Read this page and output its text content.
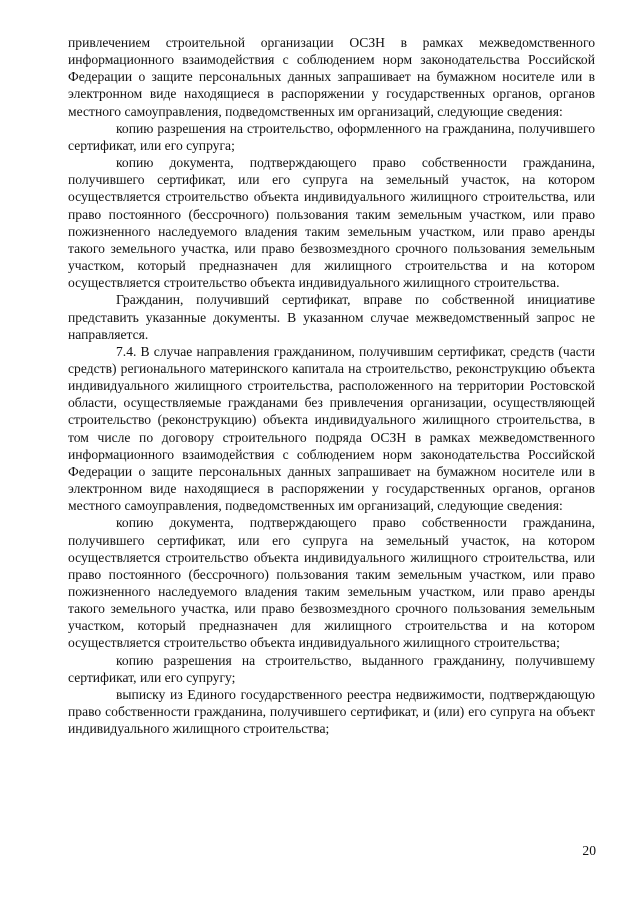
привлечением строительной организации ОСЗН в рамках межведомственного информационного взаимодействия с соблюдением норм законодательства Российской Федерации о защите персональных данных запрашивает на бумажном носителе или в электронном виде находящиеся в распоряжении у государственных органов, органов местного самоуправления, подведомственных им организаций, следующие сведения:

копию разрешения на строительство, оформленного на гражданина, получившего сертификат, или его супруга;

копию документа, подтверждающего право собственности гражданина, получившего сертификат, или его супруга на земельный участок, на котором осуществляется строительство объекта индивидуального жилищного строительства, или право постоянного (бессрочного) пользования таким земельным участком, или право пожизненного наследуемого владения таким земельным участком, или право аренды такого земельного участка, или право безвозмездного срочного пользования земельным участком, который предназначен для жилищного строительства и на котором осуществляется строительство объекта индивидуального жилищного строительства.

Гражданин, получивший сертификат, вправе по собственной инициативе представить указанные документы. В указанном случае межведомственный запрос не направляется.

7.4. В случае направления гражданином, получившим сертификат, средств (части средств) регионального материнского капитала на строительство, реконструкцию объекта индивидуального жилищного строительства, расположенного на территории Ростовской области, осуществляемые гражданами без привлечения организации, осуществляющей строительство (реконструкцию) объекта индивидуального жилищного строительства, в том числе по договору строительного подряда ОСЗН в рамках межведомственного информационного взаимодействия с соблюдением норм законодательства Российской Федерации о защите персональных данных запрашивает на бумажном носителе или в электронном виде находящиеся в распоряжении у государственных органов, органов местного самоуправления, подведомственных им организаций, следующие сведения:

копию документа, подтверждающего право собственности гражданина, получившего сертификат, или его супруга на земельный участок, на котором осуществляется строительство объекта индивидуального жилищного строительства, или право постоянного (бессрочного) пользования таким земельным участком, или право пожизненного наследуемого владения таким земельным участком, или право аренды такого земельного участка, или право безвозмездного срочного пользования земельным участком, который предназначен для жилищного строительства и на котором осуществляется строительство объекта индивидуального жилищного строительства;

копию разрешения на строительство, выданного гражданину, получившему сертификат, или его супругу;

выписку из Единого государственного реестра недвижимости, подтверждающую право собственности гражданина, получившего сертификат, и (или) его супруга на объект индивидуального жилищного строительства;

20
